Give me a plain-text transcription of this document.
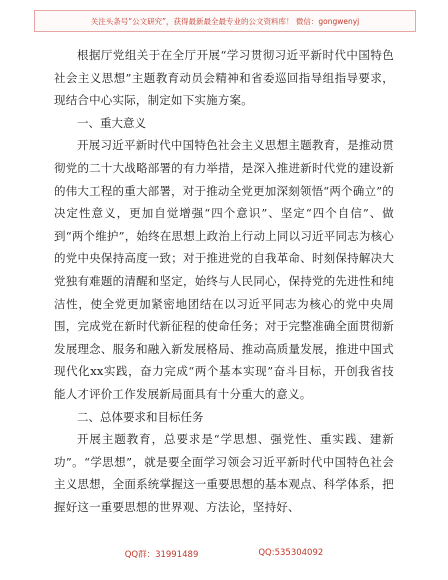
关注头条号“公文研究”，获得最新最全最专业的公文资料库！ 微信：gongwenyj

根据厅党组关于在全厅开展“学习贯彻习近平新时代中国特色社会主义思想”主题教育动员会精神和省委巡回指导组指导要求，现结合中心实际，制定如下实施方案。

一、重大意义

开展习近平新时代中国特色社会主义思想主题教育，是推动贯彻党的二十大战略部署的有力举措，是深入推进新时代党的建设新的伟大工程的重大部署，对于推动全党更加深刻领悟“两个确立”的决定性意义，更加自觉增强“四个意识”、坚定“四个自信”、做到“两个维护”，始终在思想上政治上行动上同以习近平同志为核心的党中央保持高度一致；对于推进党的自我革命、时刻保持解决大党独有难题的清醒和坚定，始终与人民同心，保持党的先进性和纯洁性，使全党更加紧密地团结在以习近平同志为核心的党中央周围，完成党在新时代新征程的使命任务；对于完整准确全面贯彻新发展理念、服务和融入新发展格局、推动高质量发展，推进中国式现代化xx实践，奋力完成“两个基本实现”奋斗目标，开创我省技能人才评价工作发展新局面具有十分重大的意义。

二、总体要求和目标任务

开展主题教育，总要求是“学思想、强党性、重实践、建新功”。“学思想”，就是要全面学习领会习近平新时代中国特色社会主义思想，全面系统掌握这一重要思想的基本观点、科学体系，把握好这一重要思想的世界观、方法论，坚持好、

QQ群：31991489	QQ:535304092
